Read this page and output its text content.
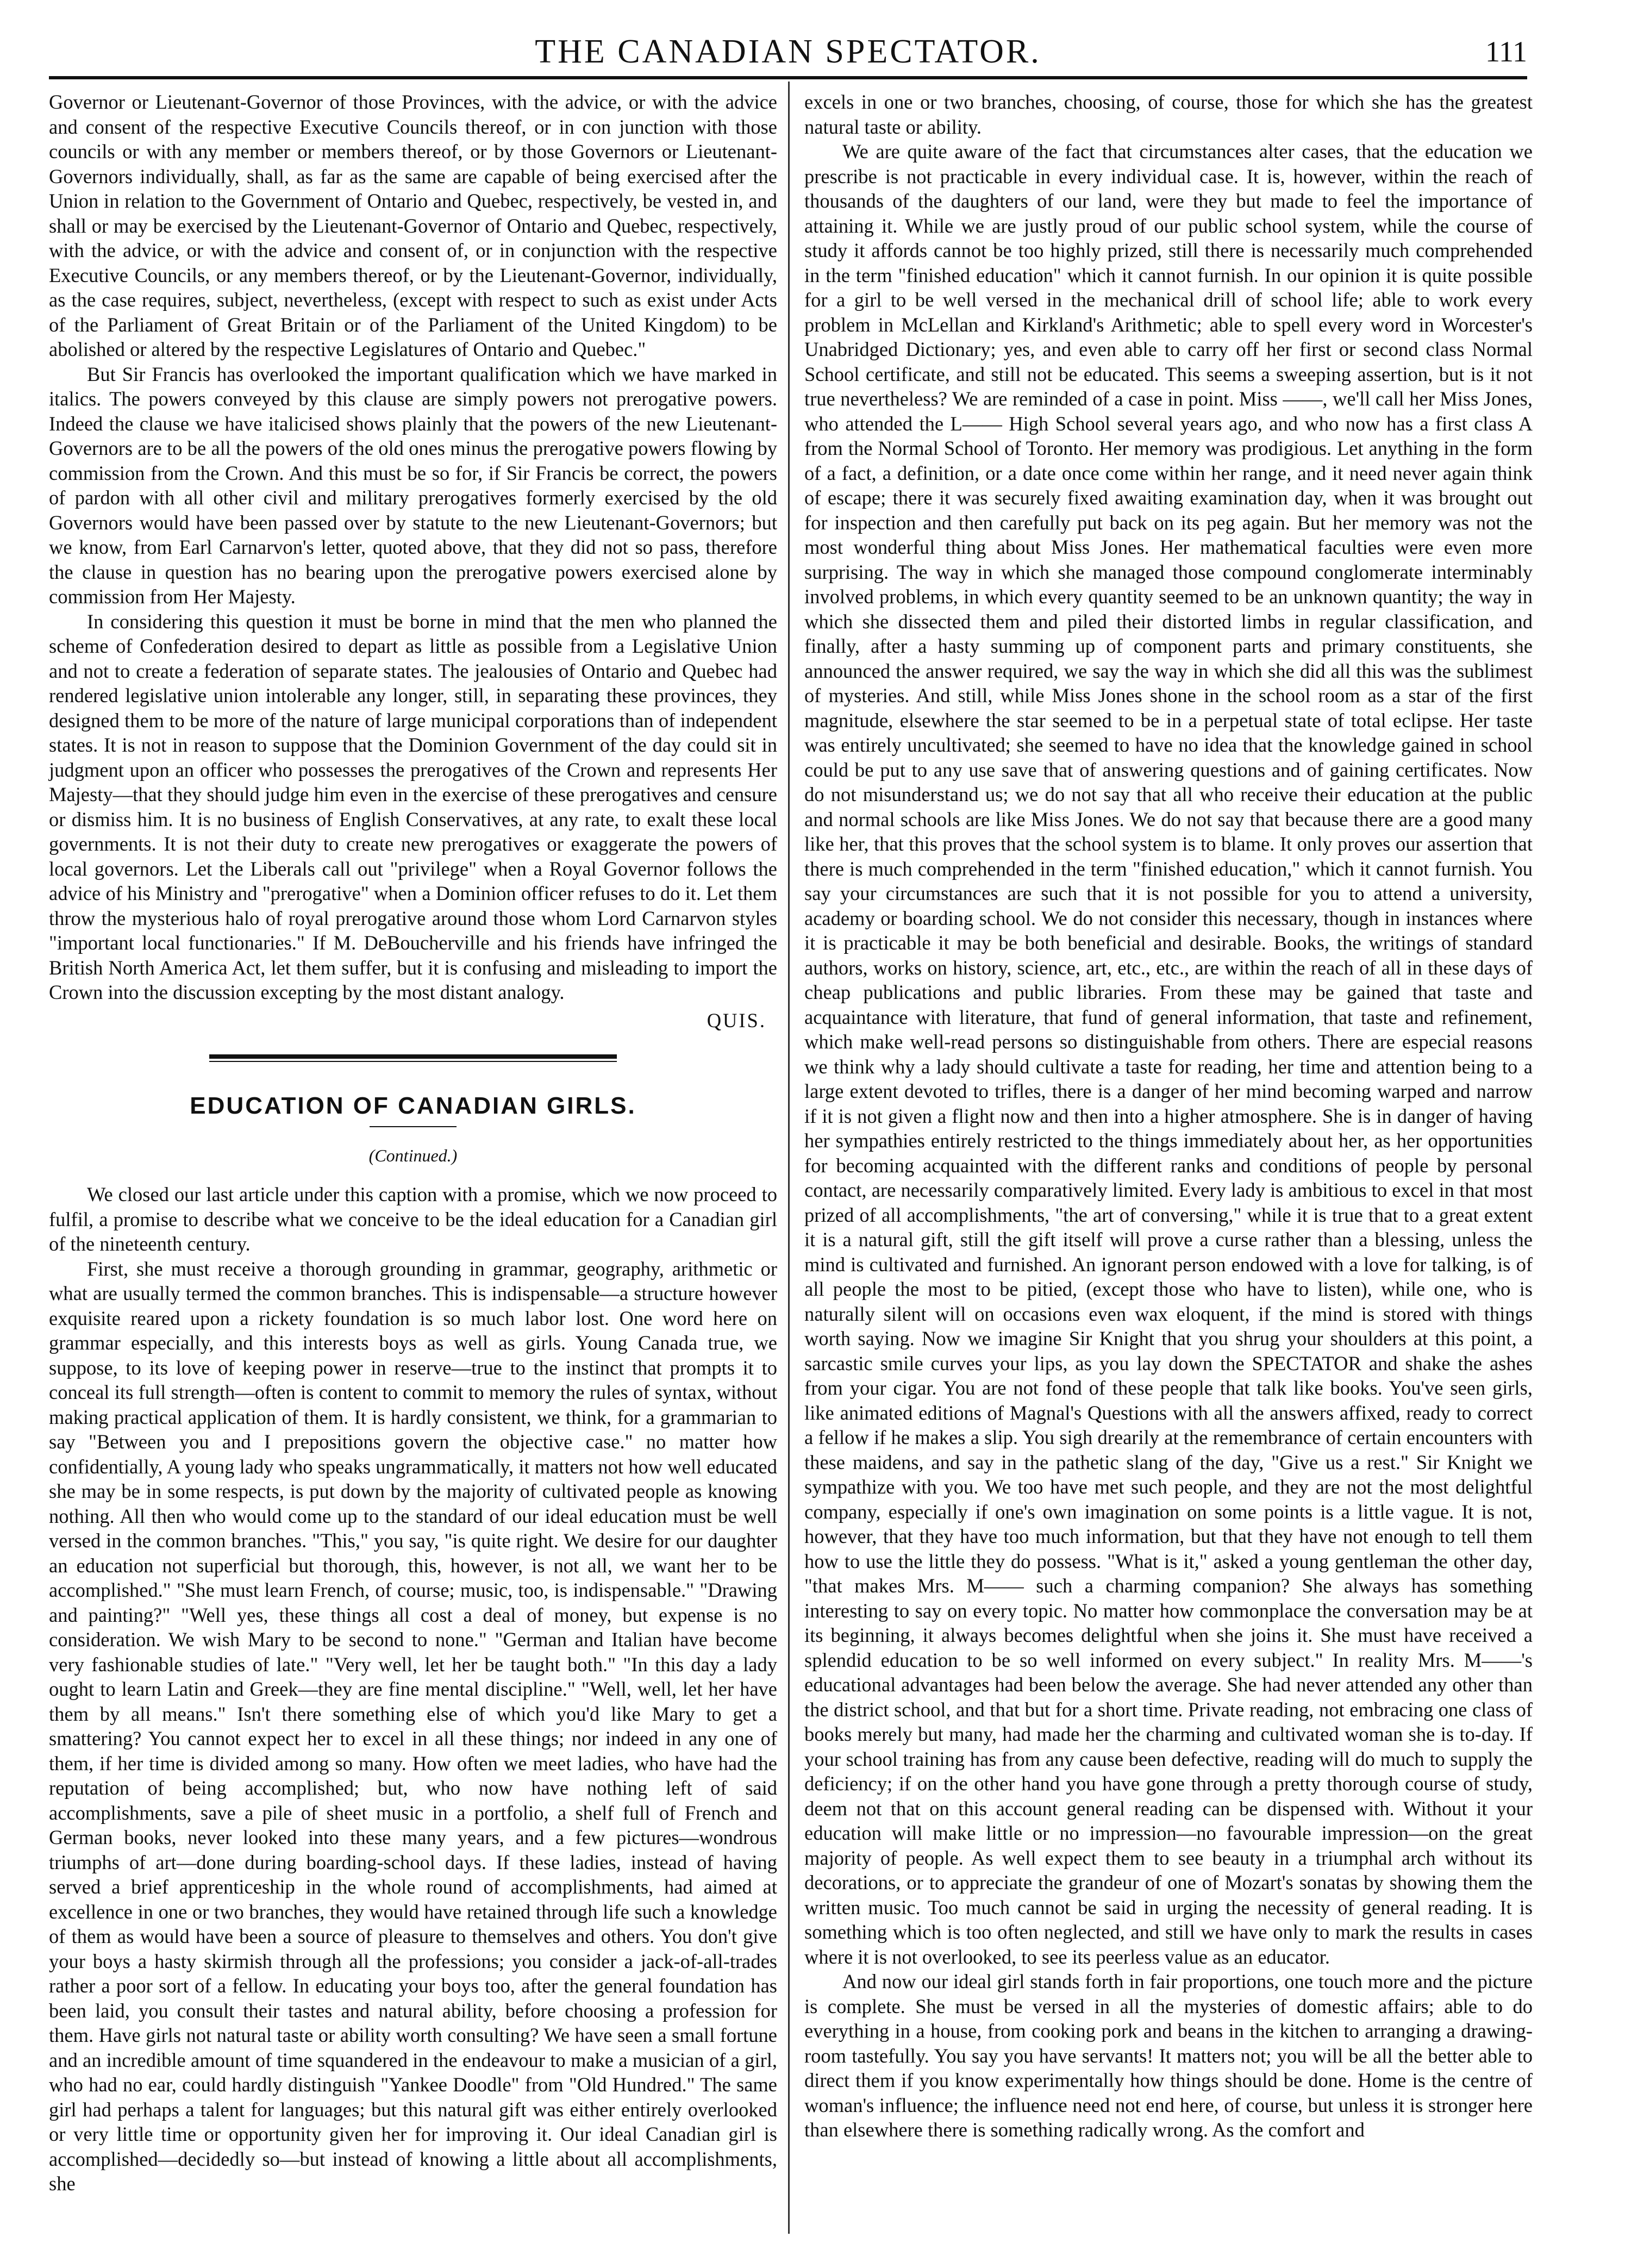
THE CANADIAN SPECTATOR.	111

Governor or Lieutenant-Governor of those Provinces, with the advice, or with the advice and consent of the respective Executive Councils thereof, or in con junction with those councils or with any member or members thereof, or by those Governors or Lieutenant-Governors individually, shall, as far as the same are capable of being exercised after the Union in relation to the Government of Ontario and Quebec, respectively, be vested in, and shall or may be exercised by the Lieutenant-Governor of Ontario and Quebec, respectively, with the advice, or with the advice and consent of, or in conjunction with the respective Executive Councils, or any members thereof, or by the Lieutenant-Governor, individually, as the case requires, subject, nevertheless, (except with respect to such as exist under Acts of the Parliament of Great Britain or of the Parliament of the United Kingdom) to be abolished or altered by the respective Legislatures of Ontario and Quebec."

But Sir Francis has overlooked the important qualification which we have marked in italics. The powers conveyed by this clause are simply powers not prerogative powers. Indeed the clause we have italicised shows plainly that the powers of the new Lieutenant-Governors are to be all the powers of the old ones minus the prerogative powers flowing by commission from the Crown. And this must be so for, if Sir Francis be correct, the powers of pardon with all other civil and military prerogatives formerly exercised by the old Governors would have been passed over by statute to the new Lieutenant-Governors; but we know, from Earl Carnarvon's letter, quoted above, that they did not so pass, therefore the clause in question has no bearing upon the prerogative powers exercised alone by commission from Her Majesty.

In considering this question it must be borne in mind that the men who planned the scheme of Confederation desired to depart as little as possible from a Legislative Union and not to create a federation of separate states. The jealousies of Ontario and Quebec had rendered legislative union intolerable any longer, still, in separating these provinces, they designed them to be more of the nature of large municipal corporations than of independent states. It is not in reason to suppose that the Dominion Government of the day could sit in judgment upon an officer who possesses the prerogatives of the Crown and represents Her Majesty—that they should judge him even in the exercise of these prerogatives and censure or dismiss him. It is no business of English Conservatives, at any rate, to exalt these local governments. It is not their duty to create new prerogatives or exaggerate the powers of local governors. Let the Liberals call out "privilege" when a Royal Governor follows the advice of his Ministry and "prerogative" when a Dominion officer refuses to do it. Let them throw the mysterious halo of royal prerogative around those whom Lord Carnarvon styles "important local functionaries." If M. DeBoucherville and his friends have infringed the British North America Act, let them suffer, but it is confusing and misleading to import the Crown into the discussion excepting by the most distant analogy.

QUIS.
EDUCATION OF CANADIAN GIRLS.
(Continued.)

We closed our last article under this caption with a promise, which we now proceed to fulfil, a promise to describe what we conceive to be the ideal education for a Canadian girl of the nineteenth century.

First, she must receive a thorough grounding in grammar, geography, arithmetic or what are usually termed the common branches. This is indispensable—a structure however exquisite reared upon a rickety foundation is so much labor lost. One word here on grammar especially, and this interests boys as well as girls. Young Canada true, we suppose, to its love of keeping power in reserve—true to the instinct that prompts it to conceal its full strength—often is content to commit to memory the rules of syntax, without making practical application of them. It is hardly consistent, we think, for a grammarian to say "Between you and I prepositions govern the objective case." no matter how confidentially, A young lady who speaks ungrammatically, it matters not how well educated she may be in some respects, is put down by the majority of cultivated people as knowing nothing. All then who would come up to the standard of our ideal education must be well versed in the common branches. "This," you say, "is quite right. We desire for our daughter an education not superficial but thorough, this, however, is not all, we want her to be accomplished." "She must learn French, of course; music, too, is indispensable." "Drawing and painting?" "Well yes, these things all cost a deal of money, but expense is no consideration. We wish Mary to be second to none." "German and Italian have become very fashionable studies of late." "Very well, let her be taught both." "In this day a lady ought to learn Latin and Greek—they are fine mental discipline." "Well, well, let her have them by all means." Isn't there something else of which you'd like Mary to get a smattering? You cannot expect her to excel in all these things; nor indeed in any one of them, if her time is divided among so many. How often we meet ladies, who have had the reputation of being accomplished; but, who now have nothing left of said accomplishments, save a pile of sheet music in a portfolio, a shelf full of French and German books, never looked into these many years, and a few pictures—wondrous triumphs of art—done during boarding-school days. If these ladies, instead of having served a brief apprenticeship in the whole round of accomplishments, had aimed at excellence in one or two branches, they would have retained through life such a knowledge of them as would have been a source of pleasure to themselves and others. You don't give your boys a hasty skirmish through all the professions; you consider a jack-of-all-trades rather a poor sort of a fellow. In educating your boys too, after the general foundation has been laid, you consult their tastes and natural ability, before choosing a profession for them. Have girls not natural taste or ability worth consulting? We have seen a small fortune and an incredible amount of time squandered in the endeavour to make a musician of a girl, who had no ear, could hardly distinguish "Yankee Doodle" from "Old Hundred." The same girl had perhaps a talent for languages; but this natural gift was either entirely overlooked or very little time or opportunity given her for improving it. Our ideal Canadian girl is accomplished—decidedly so—but instead of knowing a little about all accomplishments, she

excels in one or two branches, choosing, of course, those for which she has the greatest natural taste or ability.

We are quite aware of the fact that circumstances alter cases, that the education we prescribe is not practicable in every individual case. It is, however, within the reach of thousands of the daughters of our land, were they but made to feel the importance of attaining it. While we are justly proud of our public school system, while the course of study it affords cannot be too highly prized, still there is necessarily much comprehended in the term "finished education" which it cannot furnish. In our opinion it is quite possible for a girl to be well versed in the mechanical drill of school life; able to work every problem in McLellan and Kirkland's Arithmetic; able to spell every word in Worcester's Unabridged Dictionary; yes, and even able to carry off her first or second class Normal School certificate, and still not be educated. This seems a sweeping assertion, but is it not true nevertheless? We are reminded of a case in point. Miss ——, we'll call her Miss Jones, who attended the L—— High School several years ago, and who now has a first class A from the Normal School of Toronto. Her memory was prodigious. Let anything in the form of a fact, a definition, or a date once come within her range, and it need never again think of escape; there it was securely fixed awaiting examination day, when it was brought out for inspection and then carefully put back on its peg again. But her memory was not the most wonderful thing about Miss Jones. Her mathematical faculties were even more surprising. The way in which she managed those compound conglomerate interminably involved problems, in which every quantity seemed to be an unknown quantity; the way in which she dissected them and piled their distorted limbs in regular classification, and finally, after a hasty summing up of component parts and primary constituents, she announced the answer required, we say the way in which she did all this was the sublimest of mysteries. And still, while Miss Jones shone in the school room as a star of the first magnitude, elsewhere the star seemed to be in a perpetual state of total eclipse. Her taste was entirely uncultivated; she seemed to have no idea that the knowledge gained in school could be put to any use save that of answering questions and of gaining certificates. Now do not misunderstand us; we do not say that all who receive their education at the public and normal schools are like Miss Jones. We do not say that because there are a good many like her, that this proves that the school system is to blame. It only proves our assertion that there is much comprehended in the term "finished education," which it cannot furnish. You say your circumstances are such that it is not possible for you to attend a university, academy or boarding school. We do not consider this necessary, though in instances where it is practicable it may be both beneficial and desirable. Books, the writings of standard authors, works on history, science, art, etc., etc., are within the reach of all in these days of cheap publications and public libraries. From these may be gained that taste and acquaintance with literature, that fund of general information, that taste and refinement, which make well-read persons so distinguishable from others. There are especial reasons we think why a lady should cultivate a taste for reading, her time and attention being to a large extent devoted to trifles, there is a danger of her mind becoming warped and narrow if it is not given a flight now and then into a higher atmosphere. She is in danger of having her sympathies entirely restricted to the things immediately about her, as her opportunities for becoming acquainted with the different ranks and conditions of people by personal contact, are necessarily comparatively limited. Every lady is ambitious to excel in that most prized of all accomplishments, "the art of conversing," while it is true that to a great extent it is a natural gift, still the gift itself will prove a curse rather than a blessing, unless the mind is cultivated and furnished. An ignorant person endowed with a love for talking, is of all people the most to be pitied, (except those who have to listen), while one, who is naturally silent will on occasions even wax eloquent, if the mind is stored with things worth saying. Now we imagine Sir Knight that you shrug your shoulders at this point, a sarcastic smile curves your lips, as you lay down the SPECTATOR and shake the ashes from your cigar. You are not fond of these people that talk like books. You've seen girls, like animated editions of Magnal's Questions with all the answers affixed, ready to correct a fellow if he makes a slip. You sigh drearily at the remembrance of certain encounters with these maidens, and say in the pathetic slang of the day, "Give us a rest." Sir Knight we sympathize with you. We too have met such people, and they are not the most delightful company, especially if one's own imagination on some points is a little vague. It is not, however, that they have too much information, but that they have not enough to tell them how to use the little they do possess. "What is it," asked a young gentleman the other day, "that makes Mrs. M—— such a charming companion? She always has something interesting to say on every topic. No matter how commonplace the conversation may be at its beginning, it always becomes delightful when she joins it. She must have received a splendid education to be so well informed on every subject." In reality Mrs. M——'s educational advantages had been below the average. She had never attended any other than the district school, and that but for a short time. Private reading, not embracing one class of books merely but many, had made her the charming and cultivated woman she is to-day. If your school training has from any cause been defective, reading will do much to supply the deficiency; if on the other hand you have gone through a pretty thorough course of study, deem not that on this account general reading can be dispensed with. Without it your education will make little or no impression—no favourable impression—on the great majority of people. As well expect them to see beauty in a triumphal arch without its decorations, or to appreciate the grandeur of one of Mozart's sonatas by showing them the written music. Too much cannot be said in urging the necessity of general reading. It is something which is too often neglected, and still we have only to mark the results in cases where it is not overlooked, to see its peerless value as an educator.

And now our ideal girl stands forth in fair proportions, one touch more and the picture is complete. She must be versed in all the mysteries of domestic affairs; able to do everything in a house, from cooking pork and beans in the kitchen to arranging a drawing-room tastefully. You say you have servants! It matters not; you will be all the better able to direct them if you know experimentally how things should be done. Home is the centre of woman's influence; the influence need not end here, of course, but unless it is stronger here than elsewhere there is something radically wrong. As the comfort and
